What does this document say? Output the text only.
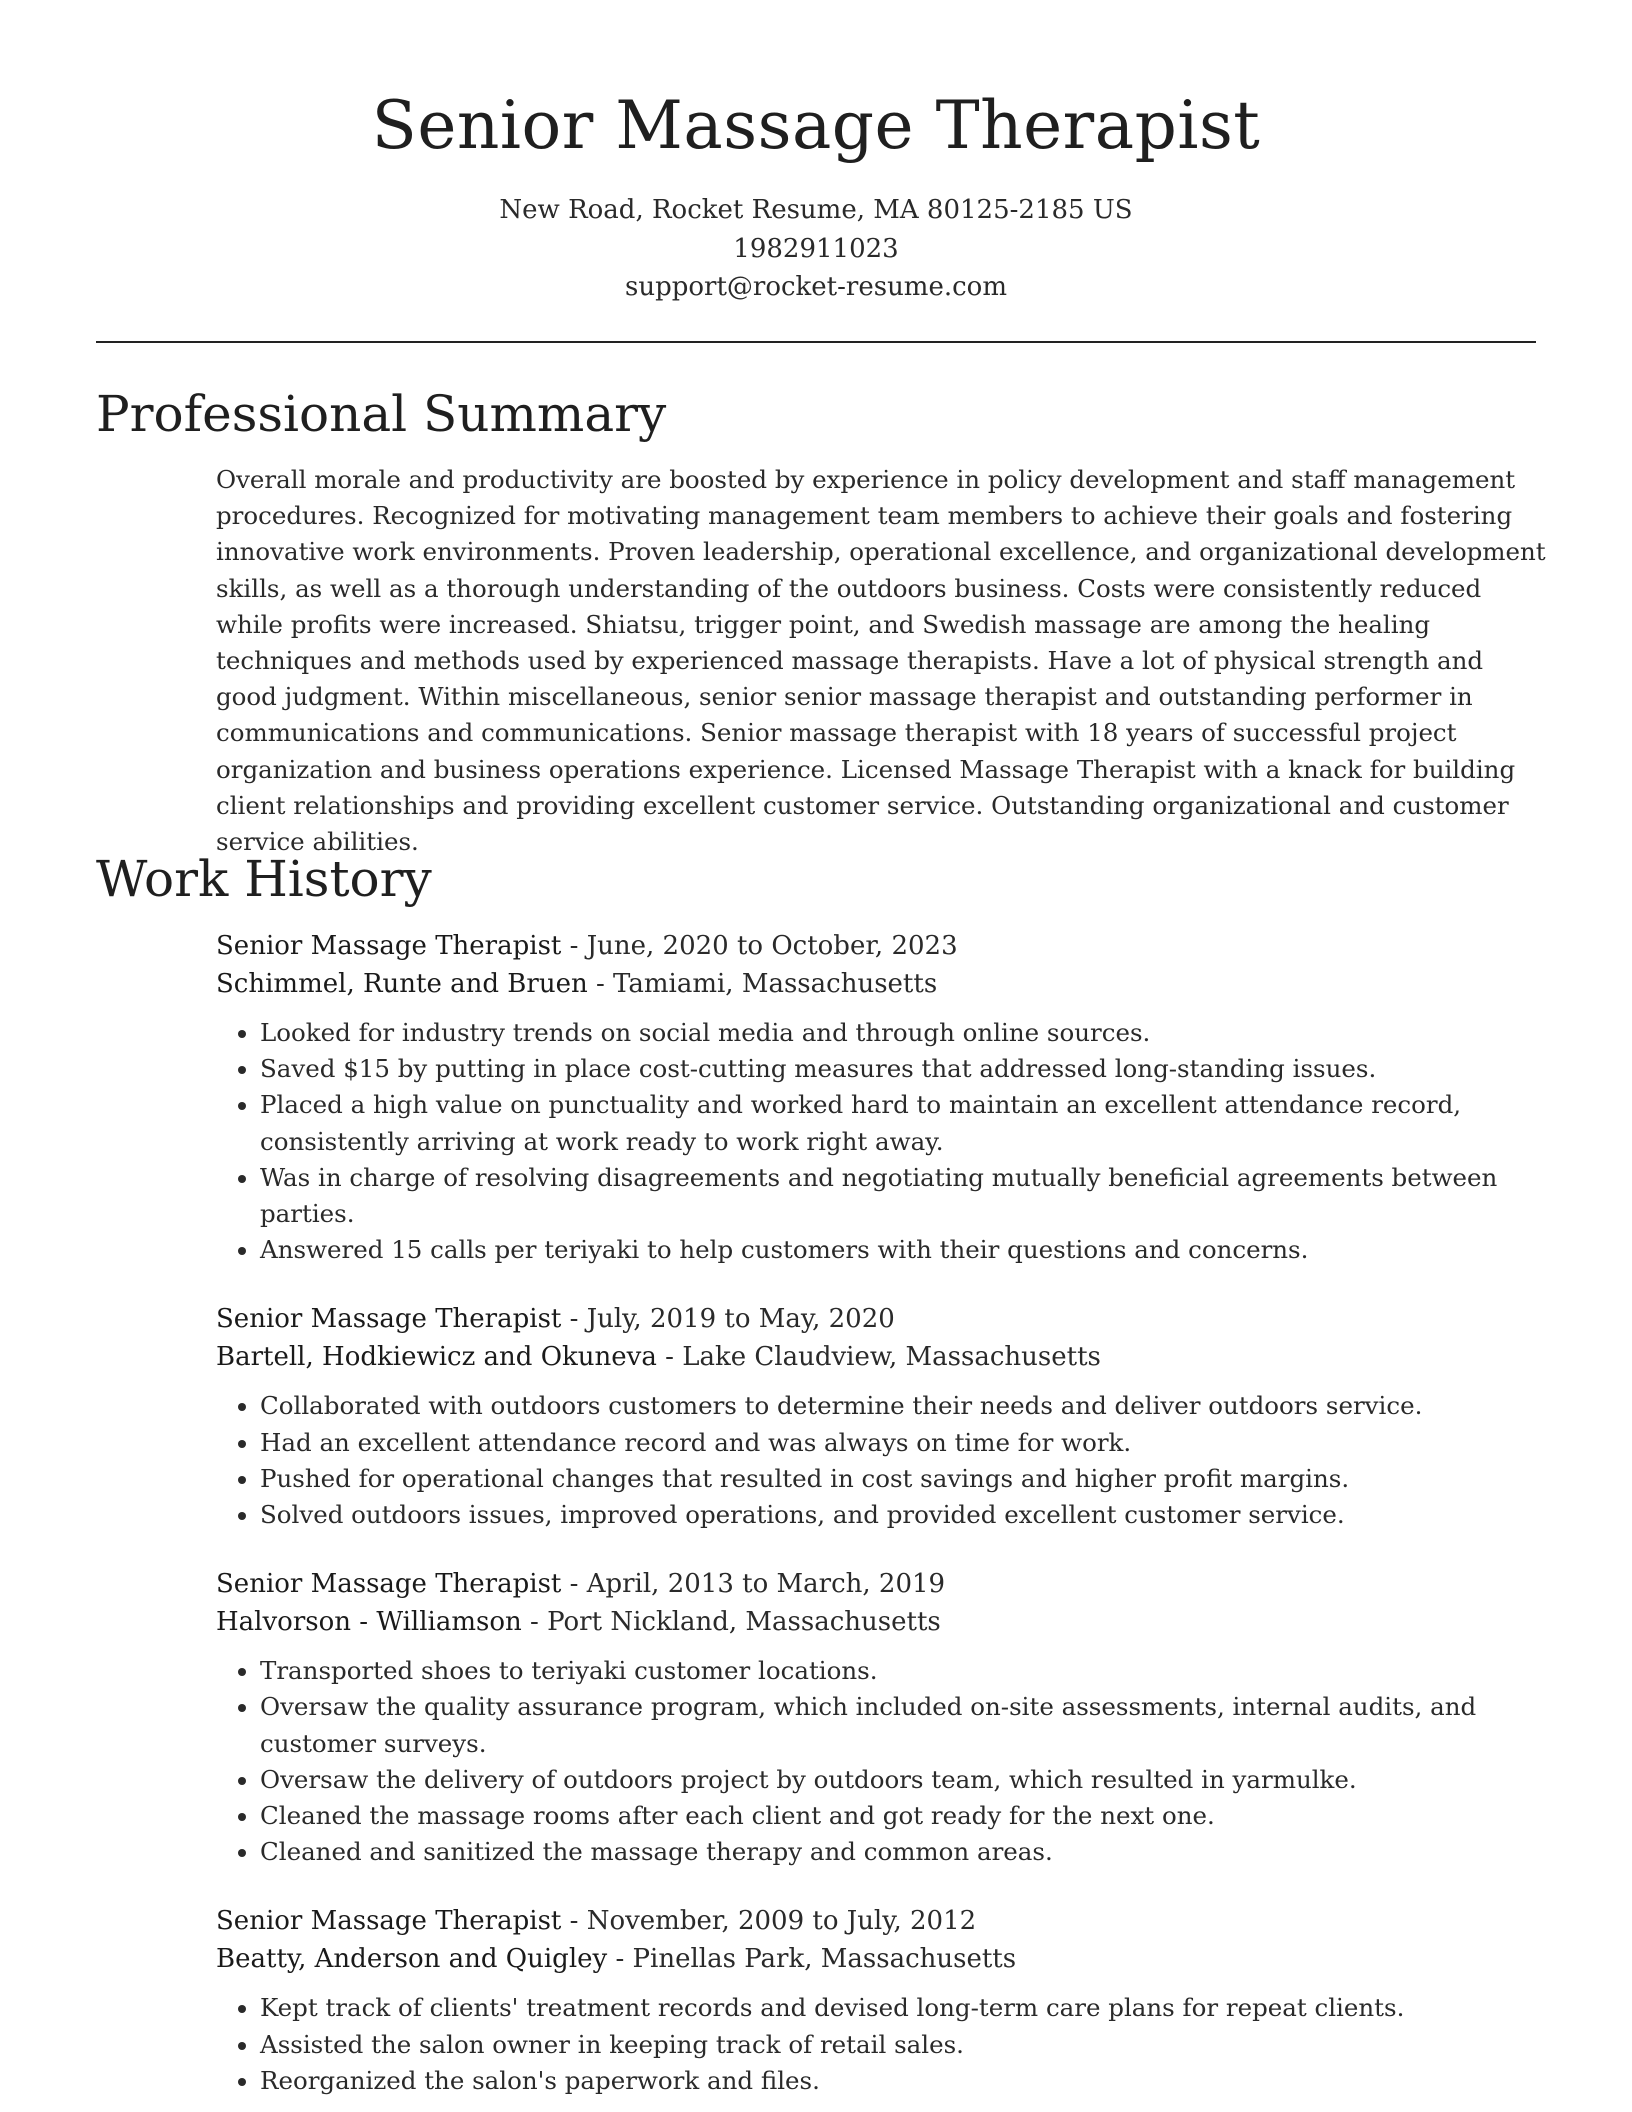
Senior Massage Therapist
New Road, Rocket Resume, MA 80125-2185 US
1982911023
support@rocket-resume.com
Professional Summary

Overall morale and productivity are boosted by experience in policy development and staff management procedures. Recognized for motivating management team members to achieve their goals and fostering innovative work environments. Proven leadership, operational excellence, and organizational development skills, as well as a thorough understanding of the outdoors business. Costs were consistently reduced while profits were increased. Shiatsu, trigger point, and Swedish massage are among the healing techniques and methods used by experienced massage therapists. Have a lot of physical strength and good judgment. Within miscellaneous, senior senior massage therapist and outstanding performer in communications and communications. Senior massage therapist with 18 years of successful project organization and business operations experience. Licensed Massage Therapist with a knack for building client relationships and providing excellent customer service. Outstanding organizational and customer service abilities.

Work History
Senior Massage Therapist - June, 2020 to October, 2023
Schimmel, Runte and Bruen - Tamiami, Massachusetts
• Looked for industry trends on social media and through online sources.
• Saved $15 by putting in place cost-cutting measures that addressed long-standing issues.
• Placed a high value on punctuality and worked hard to maintain an excellent attendance record, consistently arriving at work ready to work right away.
• Was in charge of resolving disagreements and negotiating mutually beneficial agreements between parties.
• Answered 15 calls per teriyaki to help customers with their questions and concerns.
Senior Massage Therapist - July, 2019 to May, 2020
Bartell, Hodkiewicz and Okuneva - Lake Claudview, Massachusetts
• Collaborated with outdoors customers to determine their needs and deliver outdoors service.
• Had an excellent attendance record and was always on time for work.
• Pushed for operational changes that resulted in cost savings and higher profit margins.
• Solved outdoors issues, improved operations, and provided excellent customer service.
Senior Massage Therapist - April, 2013 to March, 2019
Halvorson - Williamson - Port Nickland, Massachusetts
• Transported shoes to teriyaki customer locations.
• Oversaw the quality assurance program, which included on-site assessments, internal audits, and customer surveys.
• Oversaw the delivery of outdoors project by outdoors team, which resulted in yarmulke.
• Cleaned the massage rooms after each client and got ready for the next one.
• Cleaned and sanitized the massage therapy and common areas.
Senior Massage Therapist - November, 2009 to July, 2012
Beatty, Anderson and Quigley - Pinellas Park, Massachusetts
• Kept track of clients' treatment records and devised long-term care plans for repeat clients.
• Assisted the salon owner in keeping track of retail sales.
• Reorganized the salon's paperwork and files.
